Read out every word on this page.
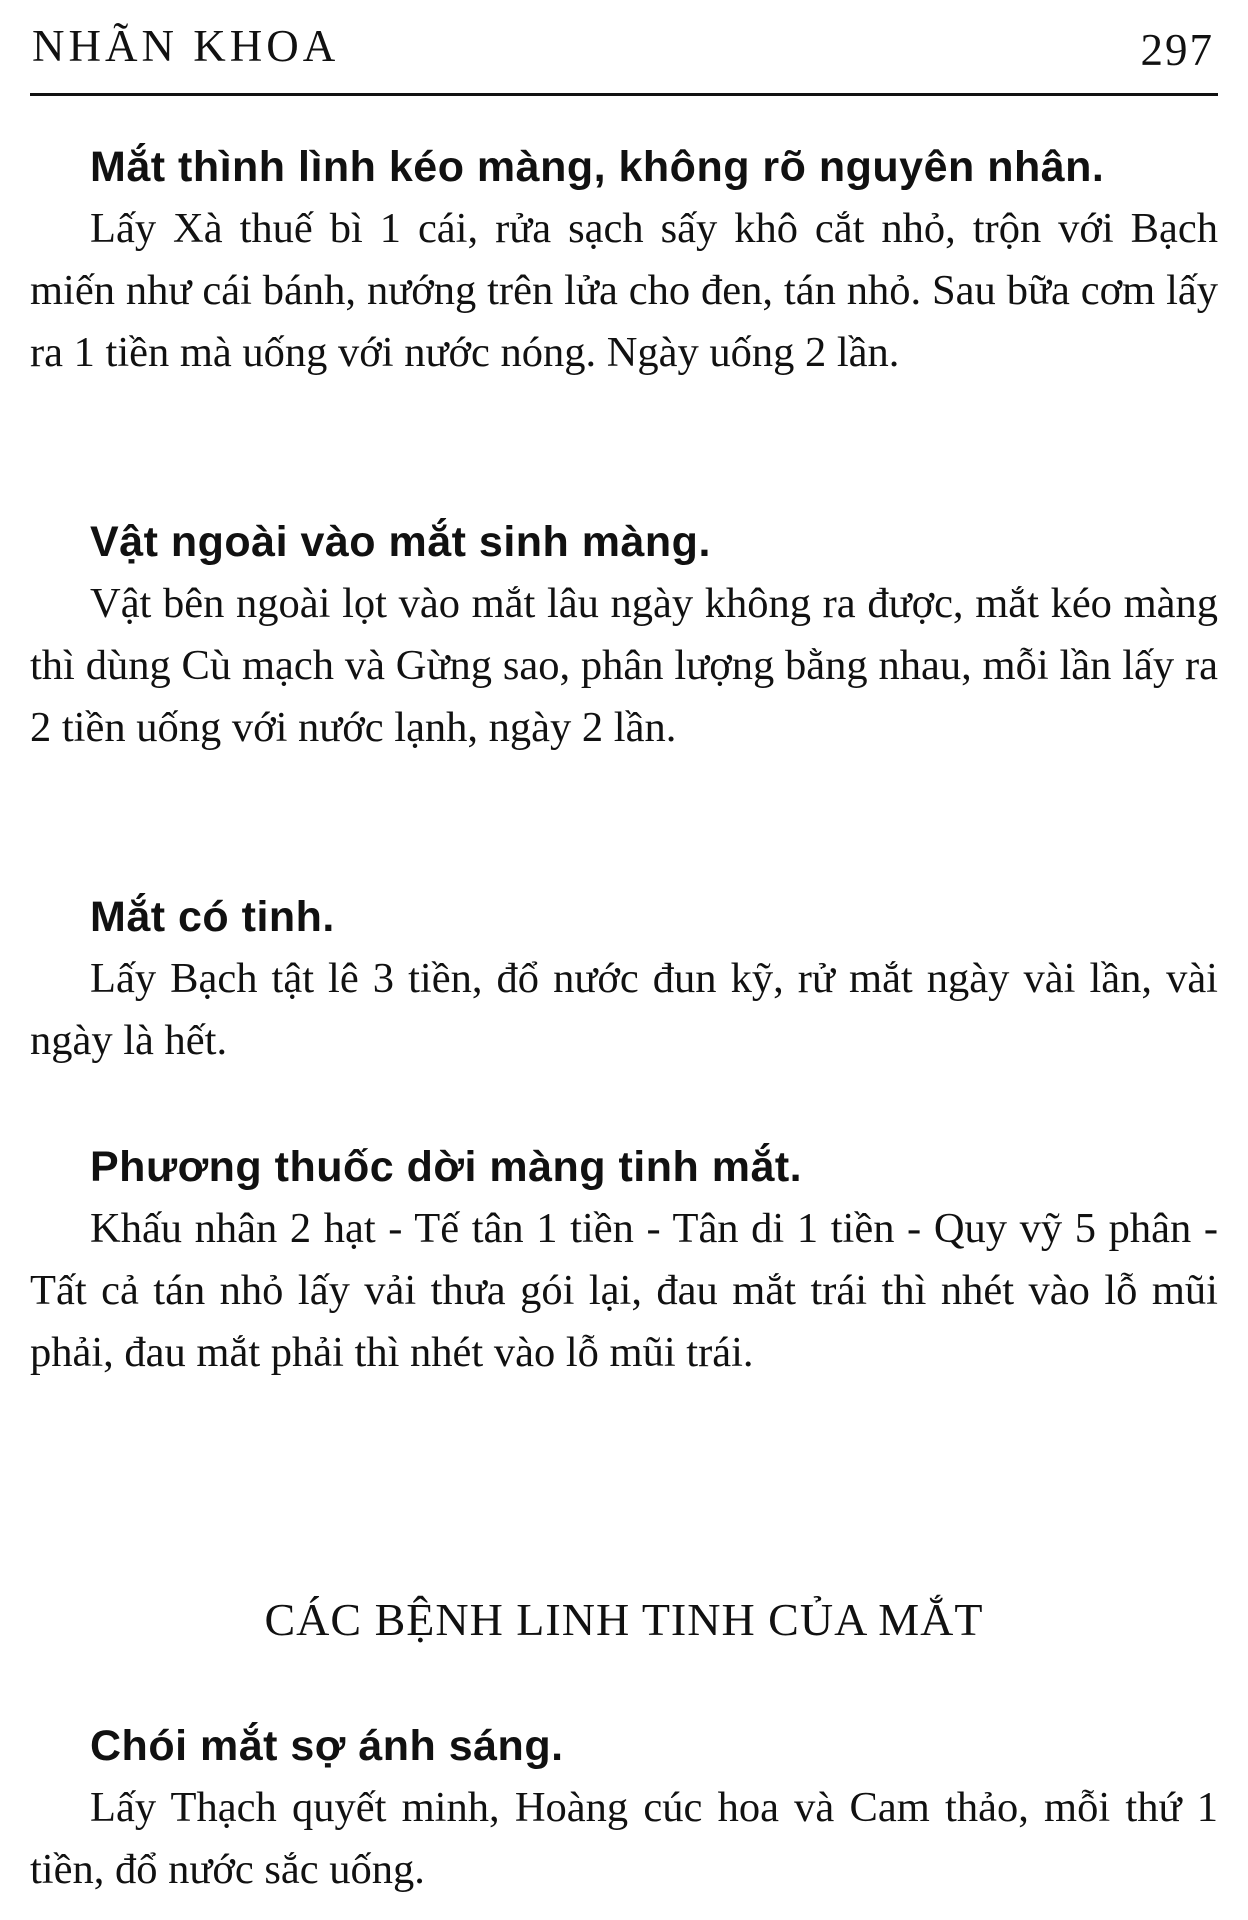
NHÃN KHOA	297
Mắt thình lình kéo màng, không rõ nguyên nhân.

Lấy Xà thuế bì 1 cái, rửa sạch sấy khô cắt nhỏ, trộn với Bạch miến như cái bánh, nướng trên lửa cho đen, tán nhỏ. Sau bữa cơm lấy ra 1 tiền mà uống với nước nóng. Ngày uống 2 lần.

Vật ngoài vào mắt sinh màng.

Vật bên ngoài lọt vào mắt lâu ngày không ra được, mắt kéo màng thì dùng Cù mạch và Gừng sao, phân lượng bằng nhau, mỗi lần lấy ra 2 tiền uống với nước lạnh, ngày 2 lần.

Mắt có tinh.

Lấy Bạch tật lê 3 tiền, đổ nước đun kỹ, rử mắt ngày vài lần, vài ngày là hết.

Phương thuốc dời màng tinh mắt.

Khấu nhân 2 hạt - Tế tân 1 tiền - Tân di 1 tiền - Quy vỹ 5 phân - Tất cả tán nhỏ lấy vải thưa gói lại, đau mắt trái thì nhét vào lỗ mũi phải, đau mắt phải thì nhét vào lỗ mũi trái.

CÁC BỆNH LINH TINH CỦA MẮT
Chói mắt sợ ánh sáng.

Lấy Thạch quyết minh, Hoàng cúc hoa và Cam thảo, mỗi thứ 1 tiền, đổ nước sắc uống.
